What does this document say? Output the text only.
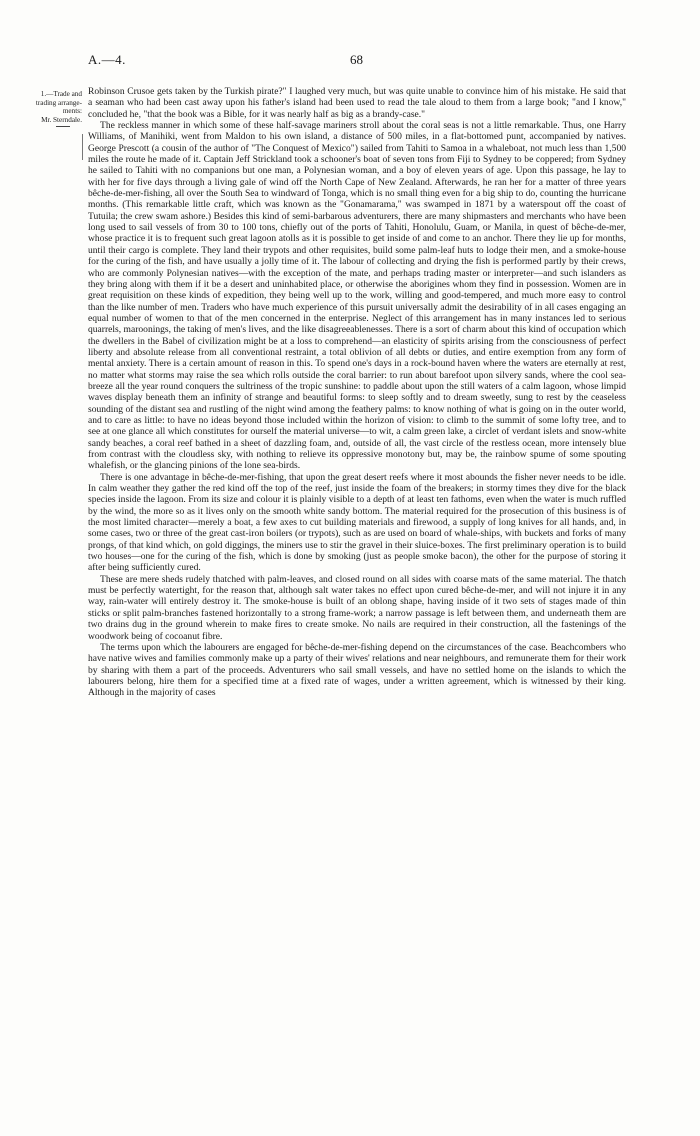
A.—4.	68
1.—Trade and
trading arrange-
ments:
Mr. Sterndale.

Robinson Crusoe gets taken by the Turkish pirate?" I laughed very much, but was quite unable to convince him of his mistake. He said that a seaman who had been cast away upon his father's island had been used to read the tale aloud to them from a large book; "and I know," concluded he, "that the book was a Bible, for it was nearly half as big as a brandy-case."

The reckless manner in which some of these half-savage mariners stroll about the coral seas is not a little remarkable. Thus, one Harry Williams, of Manihiki, went from Maldon to his own island, a distance of 500 miles, in a flat-bottomed punt, accompanied by natives. George Prescott (a cousin of the author of "The Conquest of Mexico") sailed from Tahiti to Samoa in a whaleboat, not much less than 1,500 miles the route he made of it. Captain Jeff Strickland took a schooner's boat of seven tons from Fiji to Sydney to be coppered; from Sydney he sailed to Tahiti with no companions but one man, a Polynesian woman, and a boy of eleven years of age. Upon this passage, he lay to with her for five days through a living gale of wind off the North Cape of New Zealand. Afterwards, he ran her for a matter of three years bêche-de-mer-fishing, all over the South Sea to windward of Tonga, which is no small thing even for a big ship to do, counting the hurricane months. (This remarkable little craft, which was known as the "Gonamarama," was swamped in 1871 by a waterspout off the coast of Tutuila; the crew swam ashore.) Besides this kind of semi-barbarous adventurers, there are many shipmasters and merchants who have been long used to sail vessels of from 30 to 100 tons, chiefly out of the ports of Tahiti, Honolulu, Guam, or Manila, in quest of bêche-de-mer, whose practice it is to frequent such great lagoon atolls as it is possible to get inside of and come to an anchor. There they lie up for months, until their cargo is complete. They land their trypots and other requisites, build some palm-leaf huts to lodge their men, and a smoke-house for the curing of the fish, and have usually a jolly time of it. The labour of collecting and drying the fish is performed partly by their crews, who are commonly Polynesian natives—with the exception of the mate, and perhaps trading master or interpreter—and such islanders as they bring along with them if it be a desert and uninhabited place, or otherwise the aborigines whom they find in possession. Women are in great requisition on these kinds of expedition, they being well up to the work, willing and good-tempered, and much more easy to control than the like number of men. Traders who have much experience of this pursuit universally admit the desirability of in all cases engaging an equal number of women to that of the men concerned in the enterprise. Neglect of this arrangement has in many instances led to serious quarrels, maroonings, the taking of men's lives, and the like disagreeablenesses. There is a sort of charm about this kind of occupation which the dwellers in the Babel of civilization might be at a loss to comprehend—an elasticity of spirits arising from the consciousness of perfect liberty and absolute release from all conventional restraint, a total oblivion of all debts or duties, and entire exemption from any form of mental anxiety. There is a certain amount of reason in this. To spend one's days in a rock-bound haven where the waters are eternally at rest, no matter what storms may raise the sea which rolls outside the coral barrier: to run about barefoot upon silvery sands, where the cool sea-breeze all the year round conquers the sultriness of the tropic sunshine: to paddle about upon the still waters of a calm lagoon, whose limpid waves display beneath them an infinity of strange and beautiful forms: to sleep softly and to dream sweetly, sung to rest by the ceaseless sounding of the distant sea and rustling of the night wind among the feathery palms: to know nothing of what is going on in the outer world, and to care as little: to have no ideas beyond those included within the horizon of vision: to climb to the summit of some lofty tree, and to see at one glance all which constitutes for ourself the material universe—to wit, a calm green lake, a circlet of verdant islets and snow-white sandy beaches, a coral reef bathed in a sheet of dazzling foam, and, outside of all, the vast circle of the restless ocean, more intensely blue from contrast with the cloudless sky, with nothing to relieve its oppressive monotony but, may be, the rainbow spume of some spouting whalefish, or the glancing pinions of the lone sea-birds.

There is one advantage in bêche-de-mer-fishing, that upon the great desert reefs where it most abounds the fisher never needs to be idle. In calm weather they gather the red kind off the top of the reef, just inside the foam of the breakers; in stormy times they dive for the black species inside the lagoon. From its size and colour it is plainly visible to a depth of at least ten fathoms, even when the water is much ruffled by the wind, the more so as it lives only on the smooth white sandy bottom. The material required for the prosecution of this business is of the most limited character—merely a boat, a few axes to cut building materials and firewood, a supply of long knives for all hands, and, in some cases, two or three of the great cast-iron boilers (or trypots), such as are used on board of whale-ships, with buckets and forks of many prongs, of that kind which, on gold diggings, the miners use to stir the gravel in their sluice-boxes. The first preliminary operation is to build two houses—one for the curing of the fish, which is done by smoking (just as people smoke bacon), the other for the purpose of storing it after being sufficiently cured.

These are mere sheds rudely thatched with palm-leaves, and closed round on all sides with coarse mats of the same material. The thatch must be perfectly watertight, for the reason that, although salt water takes no effect upon cured bêche-de-mer, and will not injure it in any way, rain-water will entirely destroy it. The smoke-house is built of an oblong shape, having inside of it two sets of stages made of thin sticks or split palm-branches fastened horizontally to a strong frame-work; a narrow passage is left between them, and underneath them are two drains dug in the ground wherein to make fires to create smoke. No nails are required in their construction, all the fastenings of the woodwork being of cocoanut fibre.

The terms upon which the labourers are engaged for bêche-de-mer-fishing depend on the circumstances of the case. Beachcombers who have native wives and families commonly make up a party of their wives' relations and near neighbours, and remunerate them for their work by sharing with them a part of the proceeds. Adventurers who sail small vessels, and have no settled home on the islands to which the labourers belong, hire them for a specified time at a fixed rate of wages, under a written agreement, which is witnessed by their king. Although in the majority of cases
